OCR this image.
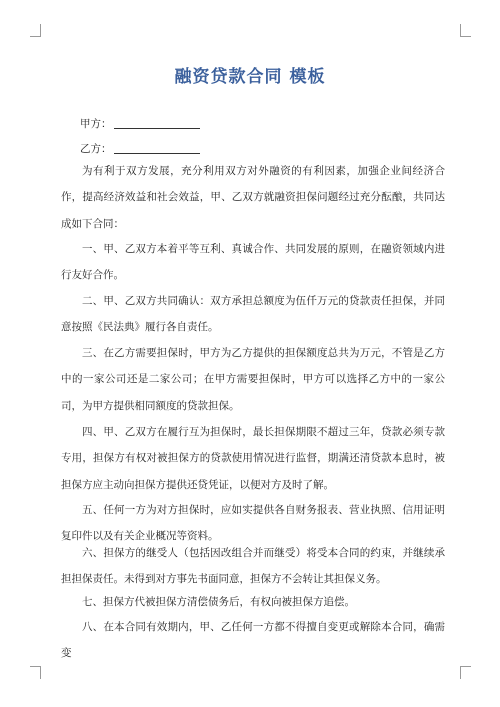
融资贷款合同 模板
甲方：
乙方：

为有利于双方发展，充分利用双方对外融资的有利因素，加强企业间经济合作，提高经济效益和社会效益，甲、乙双方就融资担保问题经过充分酝酿，共同达成如下合同：

一、甲、乙双方本着平等互利、真诚合作、共同发展的原则，在融资领域内进行友好合作。

二、甲、乙双方共同确认：双方承担总额度为伍仟万元的贷款责任担保，并同意按照《民法典》履行各自责任。

三、在乙方需要担保时，甲方为乙方提供的担保额度总共为万元，不管是乙方中的一家公司还是二家公司；在甲方需要担保时，甲方可以选择乙方中的一家公司，为甲方提供相同额度的贷款担保。

四、甲、乙双方在履行互为担保时，最长担保期限不超过三年，贷款必须专款专用，担保方有权对被担保方的贷款使用情况进行监督，期满还清贷款本息时，被担保方应主动向担保方提供还贷凭证，以便对方及时了解。

五、任何一方为对方担保时，应如实提供各自财务报表、营业执照、信用证明复印件以及有关企业概况等资料。

六、担保方的继受人（包括因改组合并而继受）将受本合同的约束，并继续承担担保责任。未得到对方事先书面同意，担保方不会转让其担保义务。

七、担保方代被担保方清偿债务后，有权向被担保方追偿。

八、在本合同有效期内，甲、乙任何一方都不得擅自变更或解除本合同，确需变
